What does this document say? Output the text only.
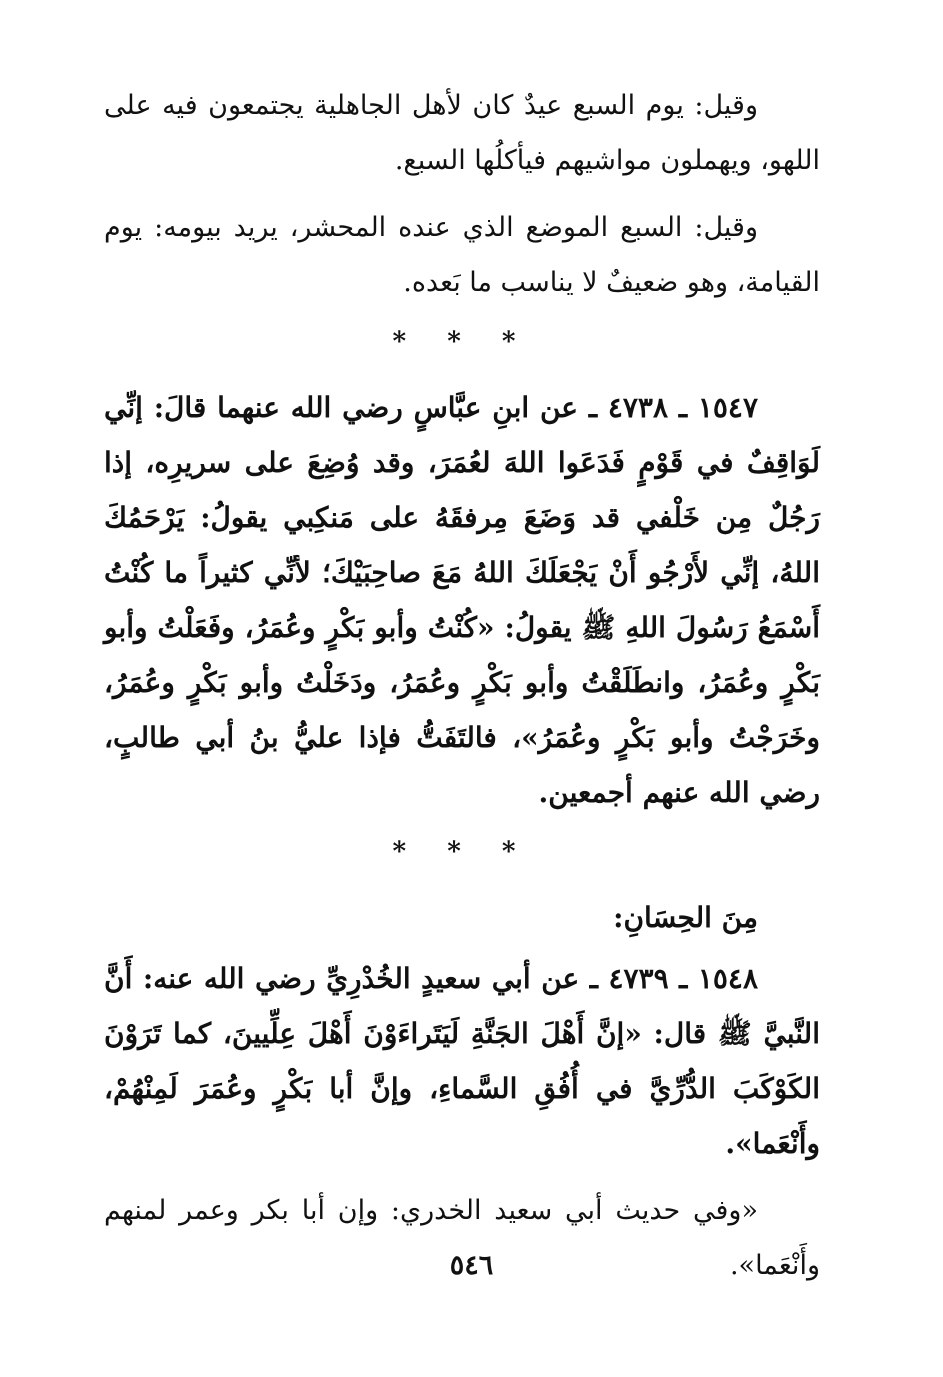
وقيل: يوم السبع عيدٌ كان لأهل الجاهلية يجتمعون فيه على اللهو، ويهملون مواشيهم فيأكلُها السبع.

وقيل: السبع الموضع الذي عنده المحشر، يريد بيومه: يوم القيامة، وهو ضعيفٌ لا يناسب ما بَعده.

* * *

١٥٤٧ ـ ٤٧٣٨ ـ عن ابنِ عبَّاسٍ رضي الله عنهما قالَ: إنِّي لَوَاقِفٌ في قَوْمٍ فَدَعَوا اللهَ لعُمَرَ، وقد وُضِعَ على سريرِه، إذا رَجُلٌ مِن خَلْفي قد وَضَعَ مِرفقَهُ على مَنكِبي يقولُ: يَرْحَمُكَ اللهُ، إنِّي لأَرْجُو أَنْ يَجْعَلَكَ اللهُ مَعَ صاحِبَيْكَ؛ لأنِّي كثيراً ما كُنْتُ أَسْمَعُ رَسُولَ اللهِ ﷺ يقولُ: «كُنْتُ وأبو بَكْرٍ وعُمَرُ، وفَعَلْتُ وأبو بَكْرٍ وعُمَرُ، وانطَلَقْتُ وأبو بَكْرٍ وعُمَرُ، ودَخَلْتُ وأبو بَكْرٍ وعُمَرُ، وخَرَجْتُ وأبو بَكْرٍ وعُمَرُ»، فالتَفَتُّ فإذا عليُّ بنُ أبي طالبٍ، رضي الله عنهم أجمعين.

* * *

مِنَ الحِسَانِ:

١٥٤٨ ـ ٤٧٣٩ ـ عن أبي سعيدٍ الخُدْرِيِّ رضي الله عنه: أَنَّ النَّبيَّ ﷺ قال: «إنَّ أَهْلَ الجَنَّةِ لَيَتَراءَوْنَ أَهْلَ عِلِّيينَ، كما تَرَوْنَ الكَوْكَبَ الدُّرِّيَّ في أُفُقِ السَّماءِ، وإنَّ أبا بَكْرٍ وعُمَرَ لَمِنْهُمْ، وأَنْعَما».

«وفي حديث أبي سعيد الخدري: وإن أبا بكر وعمر لمنهم وأَنْعَما».

٥٤٦
